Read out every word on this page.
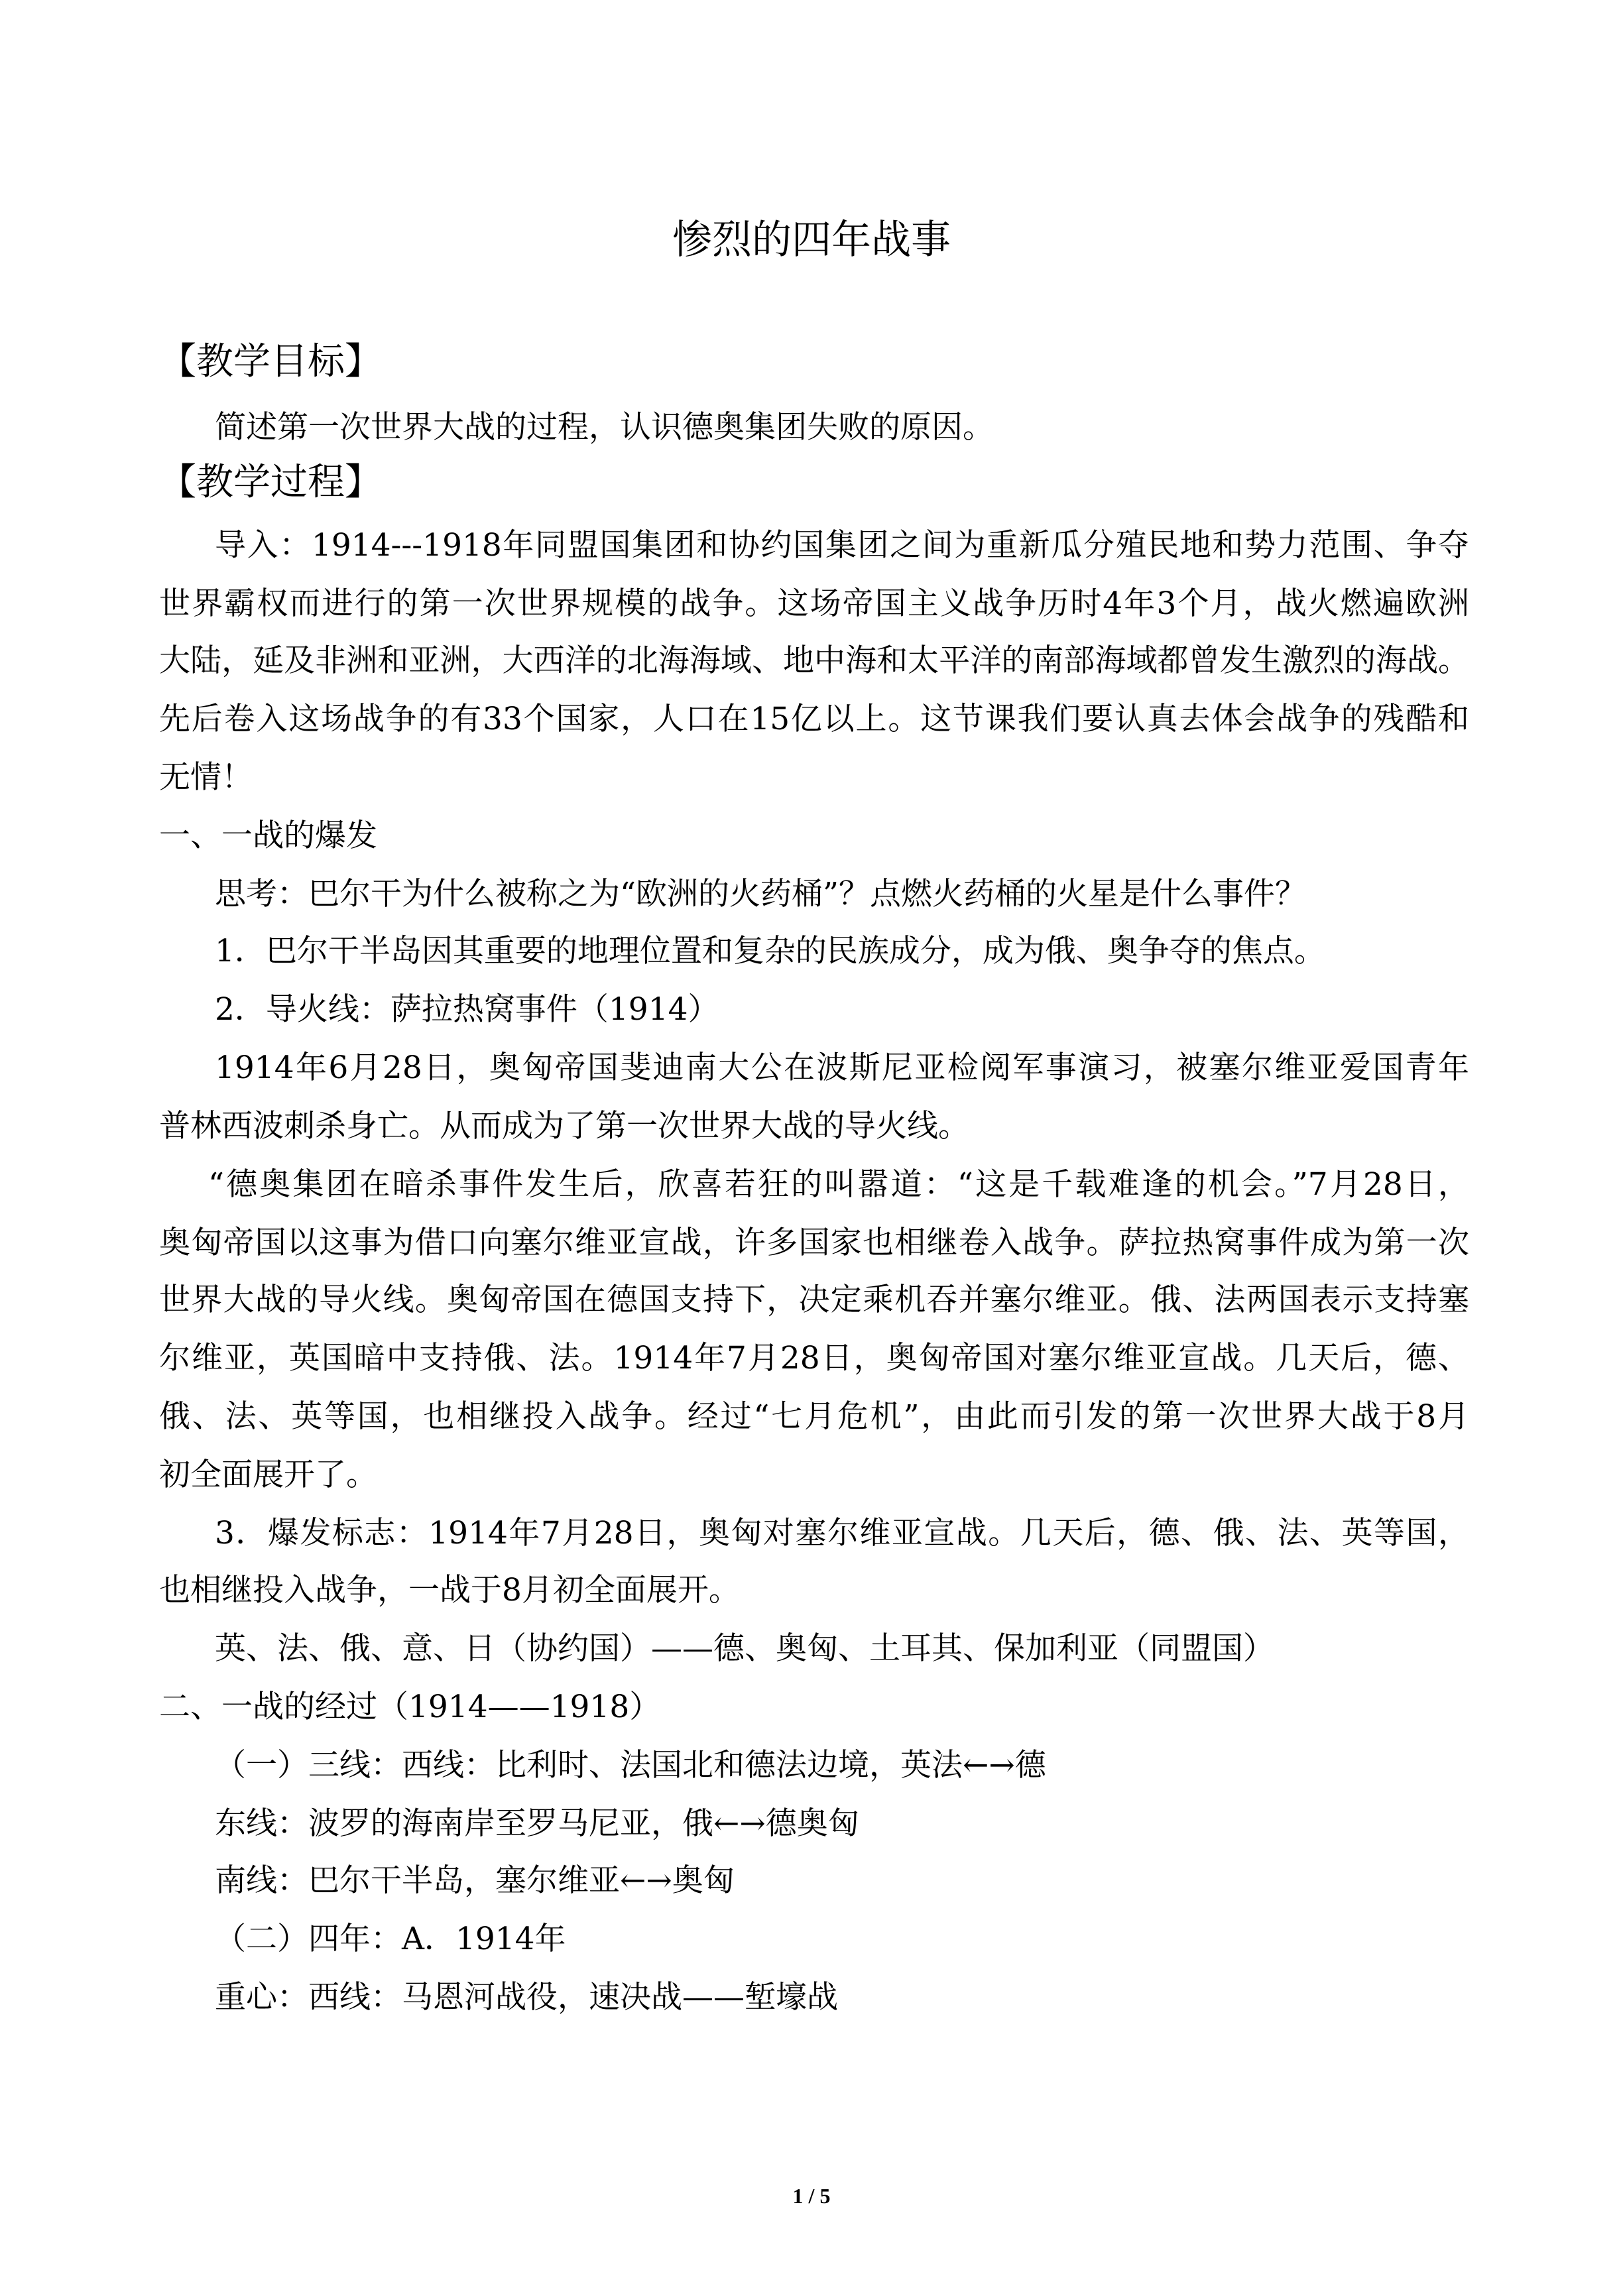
惨烈的四年战事
【教学目标】
简述第一次世界大战的过程，认识德奥集团失败的原因。
【教学过程】
导入：1914---1918年同盟国集团和协约国集团之间为重新瓜分殖民地和势力范围、争夺
世界霸权而进行的第一次世界规模的战争。这场帝国主义战争历时4年3个月，战火燃遍欧洲
大陆，延及非洲和亚洲，大西洋的北海海域、地中海和太平洋的南部海域都曾发生激烈的海战。
先后卷入这场战争的有33个国家，人口在15亿以上。这节课我们要认真去体会战争的残酷和
无情！
一、一战的爆发
思考：巴尔干为什么被称之为“欧洲的火药桶”？点燃火药桶的火星是什么事件？
1．巴尔干半岛因其重要的地理位置和复杂的民族成分，成为俄、奥争夺的焦点。
2．导火线：萨拉热窝事件（1914）
1914年6月28日，奥匈帝国斐迪南大公在波斯尼亚检阅军事演习，被塞尔维亚爱国青年
普林西波刺杀身亡。从而成为了第一次世界大战的导火线。
“德奥集团在暗杀事件发生后，欣喜若狂的叫嚣道：“这是千载难逢的机会。”7月28日，
奥匈帝国以这事为借口向塞尔维亚宣战，许多国家也相继卷入战争。萨拉热窝事件成为第一次
世界大战的导火线。奥匈帝国在德国支持下，决定乘机吞并塞尔维亚。俄、法两国表示支持塞
尔维亚，英国暗中支持俄、法。1914年7月28日，奥匈帝国对塞尔维亚宣战。几天后，德、
俄、法、英等国，也相继投入战争。经过“七月危机”，由此而引发的第一次世界大战于8月
初全面展开了。
3．爆发标志：1914年7月28日，奥匈对塞尔维亚宣战。几天后，德、俄、法、英等国，
也相继投入战争，一战于8月初全面展开。
英、法、俄、意、日（协约国）——德、奥匈、土耳其、保加利亚（同盟国）
二、一战的经过（1914——1918）
（一）三线：西线：比利时、法国北和德法边境，英法←→德
东线：波罗的海南岸至罗马尼亚，俄←→德奥匈
南线：巴尔干半岛，塞尔维亚←→奥匈
（二）四年：A．1914年
重心：西线：马恩河战役，速决战——堑壕战
1 / 5
